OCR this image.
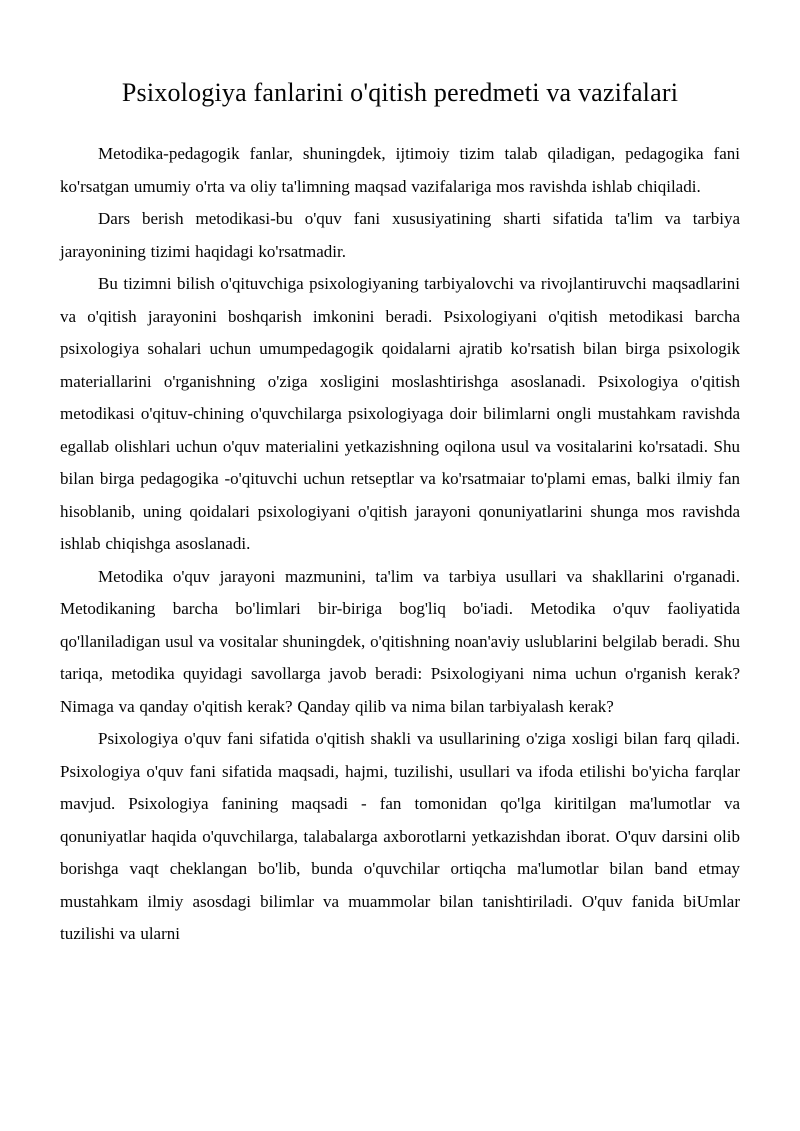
Psixologiya fanlarini o'qitish peredmeti va vazifalari

Metodika-pedagogik fanlar, shuningdek, ijtimoiy tizim talab qiladigan, pedagogika fani ko'rsatgan umumiy o'rta va oliy ta'limning maqsad vazifalariga mos ravishda ishlab chiqiladi.

Dars berish metodikasi-bu o'quv fani xususiyatining sharti sifatida ta'lim va tarbiya jarayonining tizimi haqidagi ko'rsatmadir.

Bu tizimni bilish o'qituvchiga psixologiyaning tarbiyalovchi va rivojlantiruvchi maqsadlarini va o'qitish jarayonini boshqarish imkonini beradi. Psixologiyani o'qitish metodikasi barcha psixologiya sohalari uchun umumpedagogik qoidalarni ajratib ko'rsatish bilan birga psixologik materiallarini o'rganishning o'ziga xosligini moslashtirishga asoslanadi. Psixologiya o'qitish metodikasi o'qituv-chining o'quvchilarga psixologiyaga doir bilimlarni ongli mustahkam ravishda egallab olishlari uchun o'quv materialini yetkazishning oqilona usul va vositalarini ko'rsatadi. Shu bilan birga pedagogika -o'qituvchi uchun retseptlar va ko'rsatmaiar to'plami emas, balki ilmiy fan hisoblanib, uning qoidalari psixologiyani o'qitish jarayoni qonuniyatlarini shunga mos ravishda ishlab chiqishga asoslanadi.

Metodika o'quv jarayoni mazmunini, ta'lim va tarbiya usullari va shakllarini o'rganadi. Metodikaning barcha bo'limlari bir-biriga bog'liq bo'iadi. Metodika o'quv faoliyatida qo'llaniladigan usul va vositalar shuningdek, o'qitishning noan'aviy uslublarini belgilab beradi. Shu tariqa, metodika quyidagi savollarga javob beradi: Psixologiyani nima uchun o'rganish kerak? Nimaga va qanday o'qitish kerak? Qanday qilib va nima bilan tarbiyalash kerak?

Psixologiya o'quv fani sifatida o'qitish shakli va usullarining o'ziga xosligi bilan farq qiladi. Psixologiya o'quv fani sifatida maqsadi, hajmi, tuzilishi, usullari va ifoda etilishi bo'yicha farqlar mavjud. Psixologiya fanining maqsadi - fan tomonidan qo'lga kiritilgan ma'lumotlar va qonuniyatlar haqida o'quvchilarga, talabalarga axborotlarni yetkazishdan iborat. O'quv darsini olib borishga vaqt cheklangan bo'lib, bunda o'quvchilar ortiqcha ma'lumotlar bilan band etmay mustahkam ilmiy asosdagi bilimlar va muammolar bilan tanishtiriladi. O'quv fanida biUmlar tuzilishi va ularni
